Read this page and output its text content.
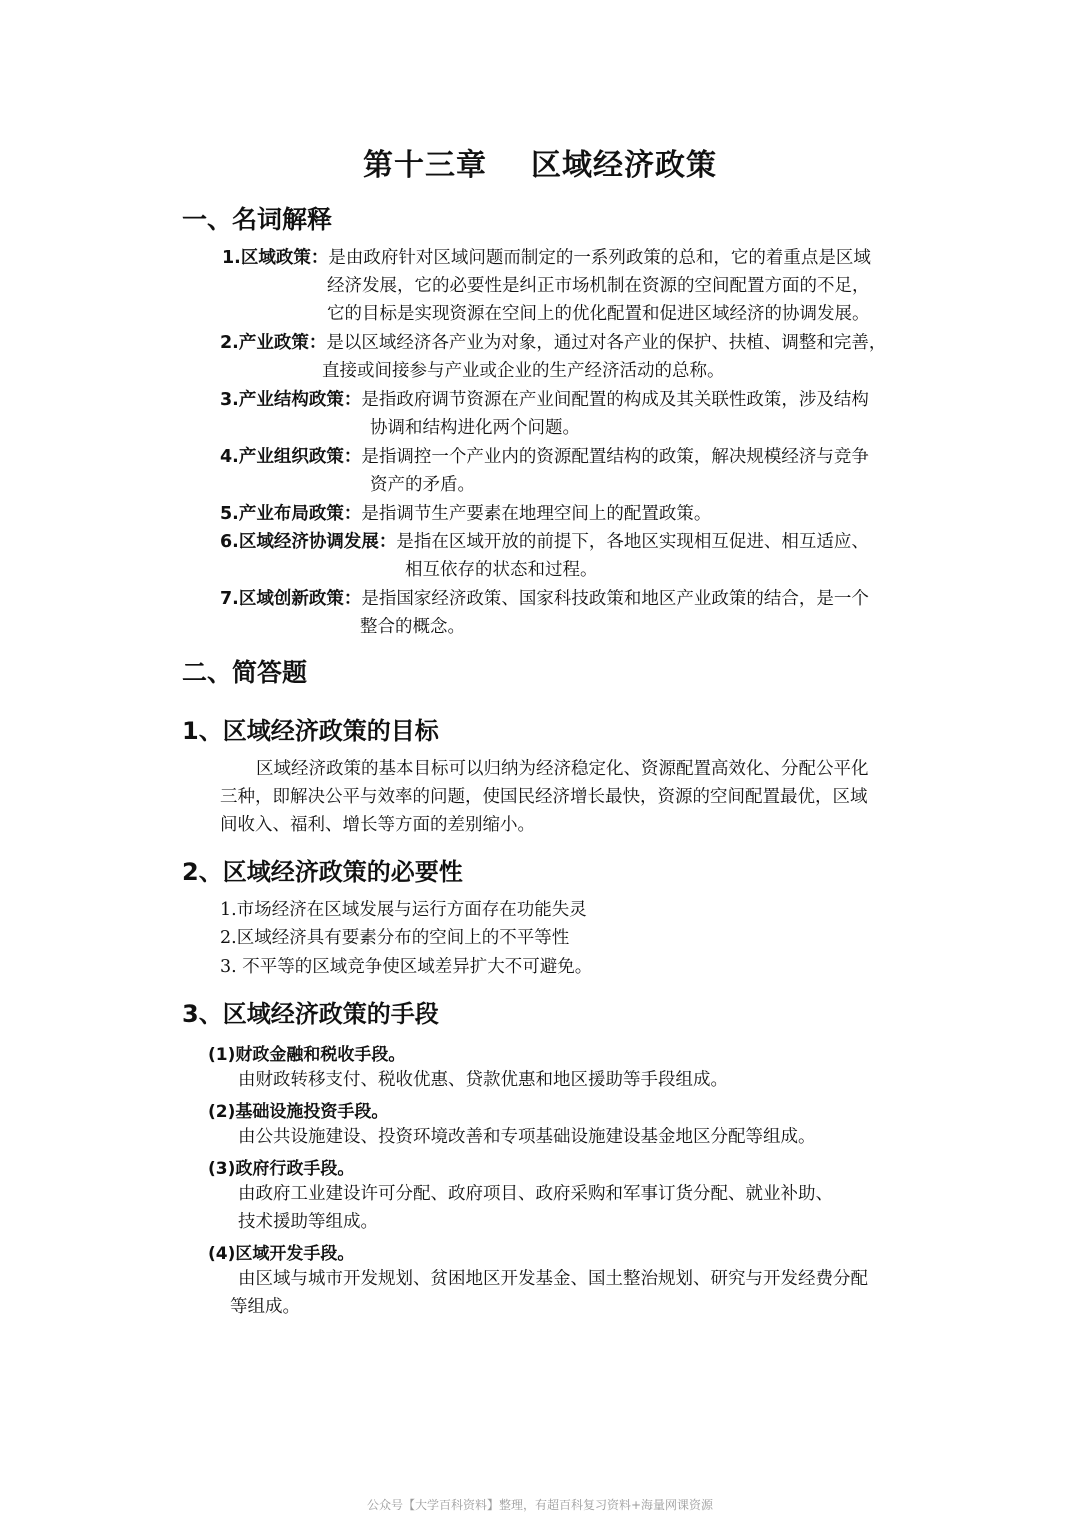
第十三章 区域经济政策
一、名词解释
1.区域政策：是由政府针对区域问题而制定的一系列政策的总和，它的着重点是区域
经济发展，它的必要性是纠正市场机制在资源的空间配置方面的不足，
它的目标是实现资源在空间上的优化配置和促进区域经济的协调发展。
2.产业政策：是以区域经济各产业为对象，通过对各产业的保护、扶植、调整和完善，
直接或间接参与产业或企业的生产经济活动的总称。
3.产业结构政策：是指政府调节资源在产业间配置的构成及其关联性政策，涉及结构
协调和结构进化两个问题。
4.产业组织政策：是指调控一个产业内的资源配置结构的政策，解决规模经济与竞争
资产的矛盾。
5.产业布局政策：是指调节生产要素在地理空间上的配置政策。
6.区域经济协调发展：是指在区域开放的前提下，各地区实现相互促进、相互适应、
相互依存的状态和过程。
7.区域创新政策：是指国家经济政策、国家科技政策和地区产业政策的结合，是一个
整合的概念。
二、简答题
1、区域经济政策的目标
区域经济政策的基本目标可以归纳为经济稳定化、资源配置高效化、分配公平化
三种，即解决公平与效率的问题，使国民经济增长最快，资源的空间配置最优，区域
间收入、福利、增长等方面的差别缩小。
2、区域经济政策的必要性
1.市场经济在区域发展与运行方面存在功能失灵
2.区域经济具有要素分布的空间上的不平等性
3. 不平等的区域竞争使区域差异扩大不可避免。
3、区域经济政策的手段
(1)财政金融和税收手段。
由财政转移支付、税收优惠、贷款优惠和地区援助等手段组成。
(2)基础设施投资手段。
由公共设施建设、投资环境改善和专项基础设施建设基金地区分配等组成。
(3)政府行政手段。
由政府工业建设许可分配、政府项目、政府采购和军事订货分配、就业补助、
技术援助等组成。
(4)区域开发手段。
由区域与城市开发规划、贫困地区开发基金、国土整治规划、研究与开发经费分配
等组成。
公众号【大学百科资料】整理，有超百科复习资料+海量网课资源
